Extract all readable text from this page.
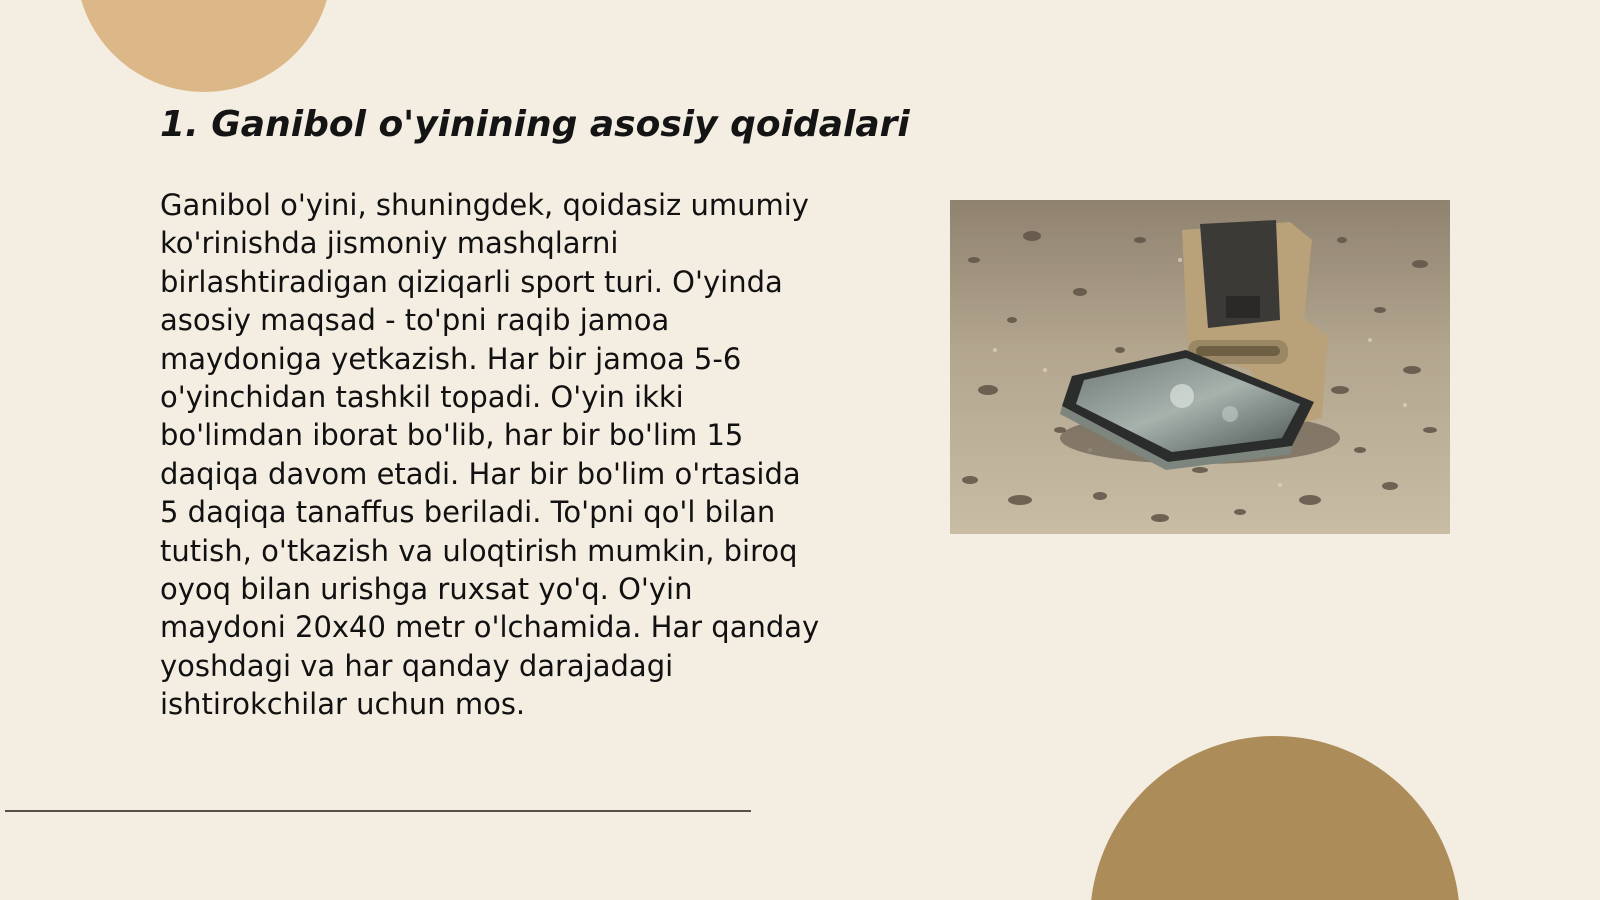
1. Ganibol o'yinining asosiy qoidalari

Ganibol o'yini, shuningdek, qoidasiz umumiy
ko'rinishda jismoniy mashqlarni
birlashtiradigan qiziqarli sport turi. O'yinda
asosiy maqsad - to'pni raqib jamoa
maydoniga yetkazish. Har bir jamoa 5-6
o'yinchidan tashkil topadi. O'yin ikki
bo'limdan iborat bo'lib, har bir bo'lim 15
daqiqa davom etadi. Har bir bo'lim o'rtasida
5 daqiqa tanaffus beriladi. To'pni qo'l bilan
tutish, o'tkazish va uloqtirish mumkin, biroq
oyoq bilan urishga ruxsat yo'q. O'yin
maydoni 20x40 metr o'lchamida. Har qanday
yoshdagi va har qanday darajadagi
ishtirokchilar uchun mos.
